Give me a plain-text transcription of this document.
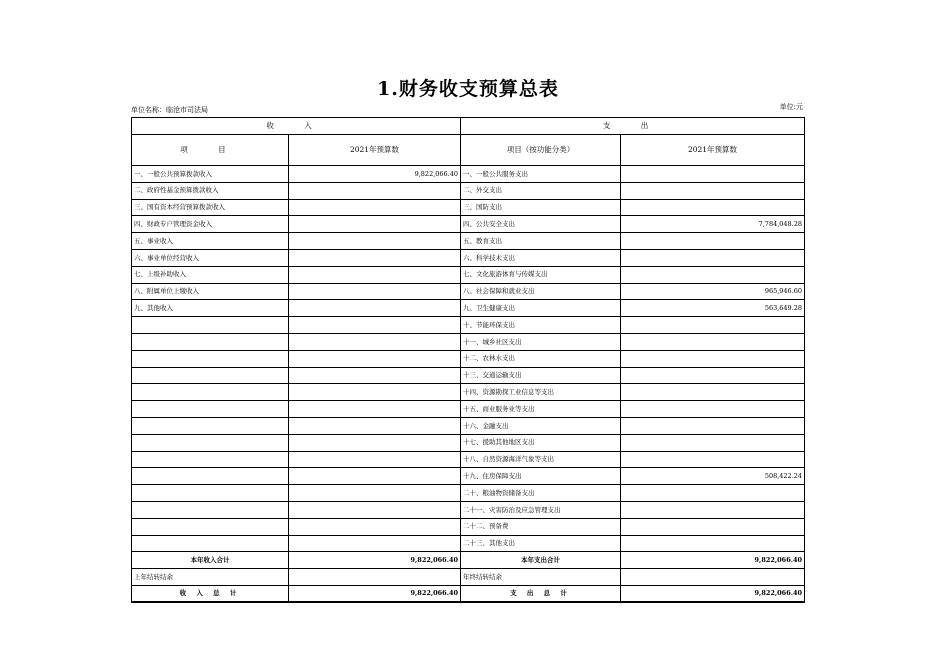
1.财务收支预算总表
单位名称：临沧市司法局	单位:元
收 入		支 出	
项 目	2021年预算数	项目（按功能分类）	2021年预算数
一、一般公共预算拨款收入	9,822,066.40	一、一般公共服务支出	
二、政府性基金预算拨款收入		二、外交支出	
三、国有资本经营预算拨款收入		三、国防支出	
四、财政专户管理资金收入		四、公共安全支出	7,784,048.28
五、事业收入		五、教育支出	
六、事业单位经营收入		六、科学技术支出	
七、上级补助收入		七、文化旅游体育与传媒支出	
八、附属单位上缴收入		八、社会保障和就业支出	965,946.60
九、其他收入		九、卫生健康支出	563,649.28
		十、节能环保支出	
		十一、城乡社区支出	
		十二、农林水支出	
		十三、交通运输支出	
		十四、资源勘探工业信息等支出	
		十五、商业服务业等支出	
		十六、金融支出	
		十七、援助其他地区支出	
		十八、自然资源海洋气象等支出	
		十九、住房保障支出	508,422.24
		二十、粮油物资储备支出	
		二十一、灾害防治及应急管理支出	
		二十二、预备费	
		二十三、其他支出	
本年收入合计	9,822,066.40	本年支出合计	9,822,066.40
上年结转结余		年终结转结余	
收 入 总 计	9,822,066.40	支 出 总 计	9,822,066.40
